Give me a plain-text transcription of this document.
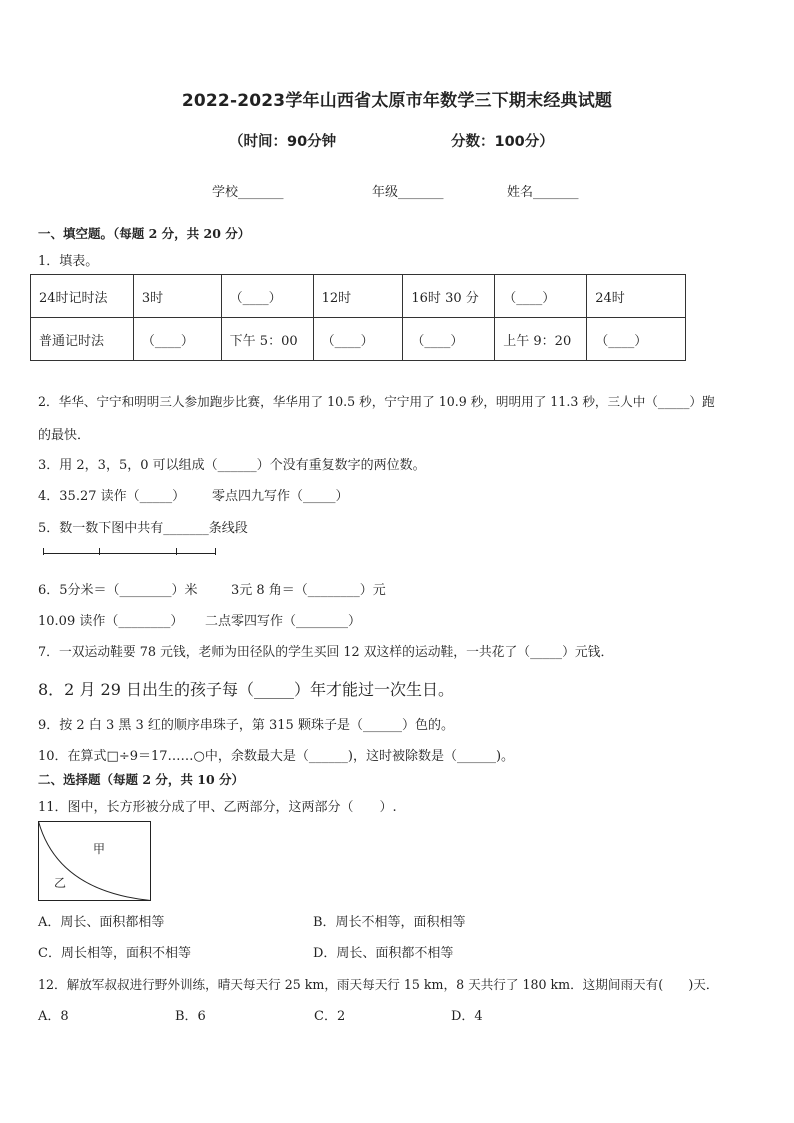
2022-2023学年山西省太原市年数学三下期末经典试题
（时间：90分钟	分数：100分）
学校_______	年级_______	姓名_______
一、填空题。（每题 2 分，共 20 分）
1．填表。
24时记时法	3时	（____）	12时	16时 30 分	（____）	24时
普通记时法	（____）	下午 5：00	（____）	（____）	上午 9：20	（____）
2．华华、宁宁和明明三人参加跑步比赛，华华用了 10.5 秒，宁宁用了 10.9 秒，明明用了 11.3 秒，三人中（_____）跑
的最快．
3．用 2，3，5，0 可以组成（______）个没有重复数字的两位数。
4．35.27 读作（_____） 零点四九写作（_____）
5．数一数下图中共有_______条线段
6．5分米＝（________）米	3元 8 角＝（________）元
10.09 读作（________） 二点零四写作（________）
7．一双运动鞋要 78 元钱，老师为田径队的学生买回 12 双这样的运动鞋，一共花了（_____）元钱．
8．2 月 29 日出生的孩子每（_____）年才能过一次生日。
9．按 2 白 3 黑 3 红的顺序串珠子，第 315 颗珠子是（______）色的。
10．在算式□÷9＝17……○中，余数最大是（______)，这时被除数是（______)。
二、选择题（每题 2 分，共 10 分）
11．图中，长方形被分成了甲、乙两部分，这两部分（　　）.
甲
乙
A．周长、面积都相等	B．周长不相等，面积相等
C．周长相等，面积不相等	D．周长、面积都不相等
12．解放军叔叔进行野外训练，晴天每天行 25 km，雨天每天行 15 km，8 天共行了 180 km．这期间雨天有(　　)天．
A．8	B．6	C．2	D．4
